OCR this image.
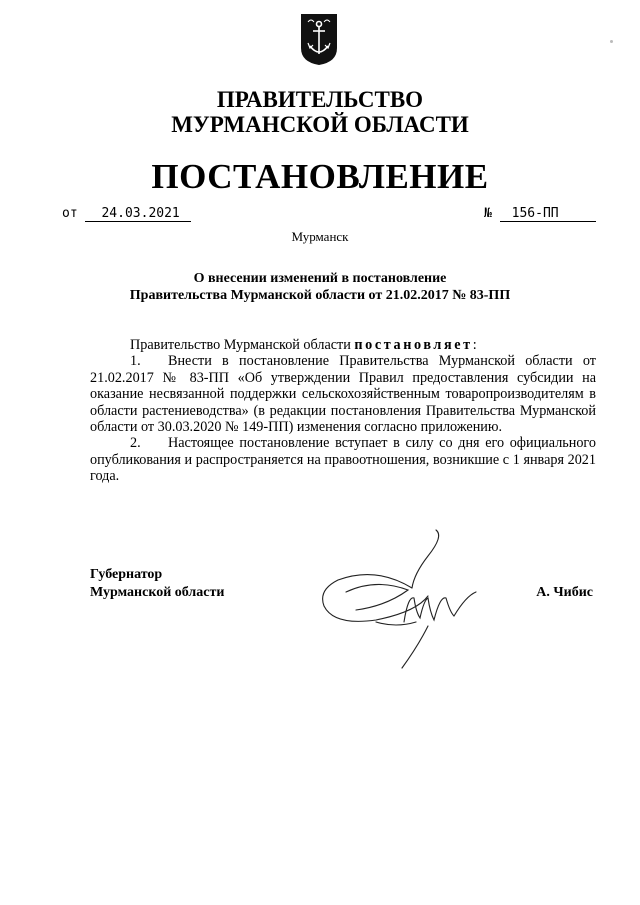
ПРАВИТЕЛЬСТВО
МУРМАНСКОЙ ОБЛАСТИ
ПОСТАНОВЛЕНИЕ
от 24.03.2021	№ 156-ПП
Мурманск
О внесении изменений в постановление
Правительства Мурманской области от 21.02.2017 № 83-ПП

Правительство Мурманской области постановляет:

1. Внести в постановление Правительства Мурманской области от 21.02.2017 № 83-ПП «Об утверждении Правил предоставления субсидии на оказание несвязанной поддержки сельскохозяйственным товаропроизводителям в области растениеводства» (в редакции постановления Правительства Мурманской области от 30.03.2020 № 149-ПП) изменения согласно приложению.

2. Настоящее постановление вступает в силу со дня его официального опубликования и распространяется на правоотношения, возникшие с 1 января 2021 года.

Губернатор
Мурманской области	А. Чибис
